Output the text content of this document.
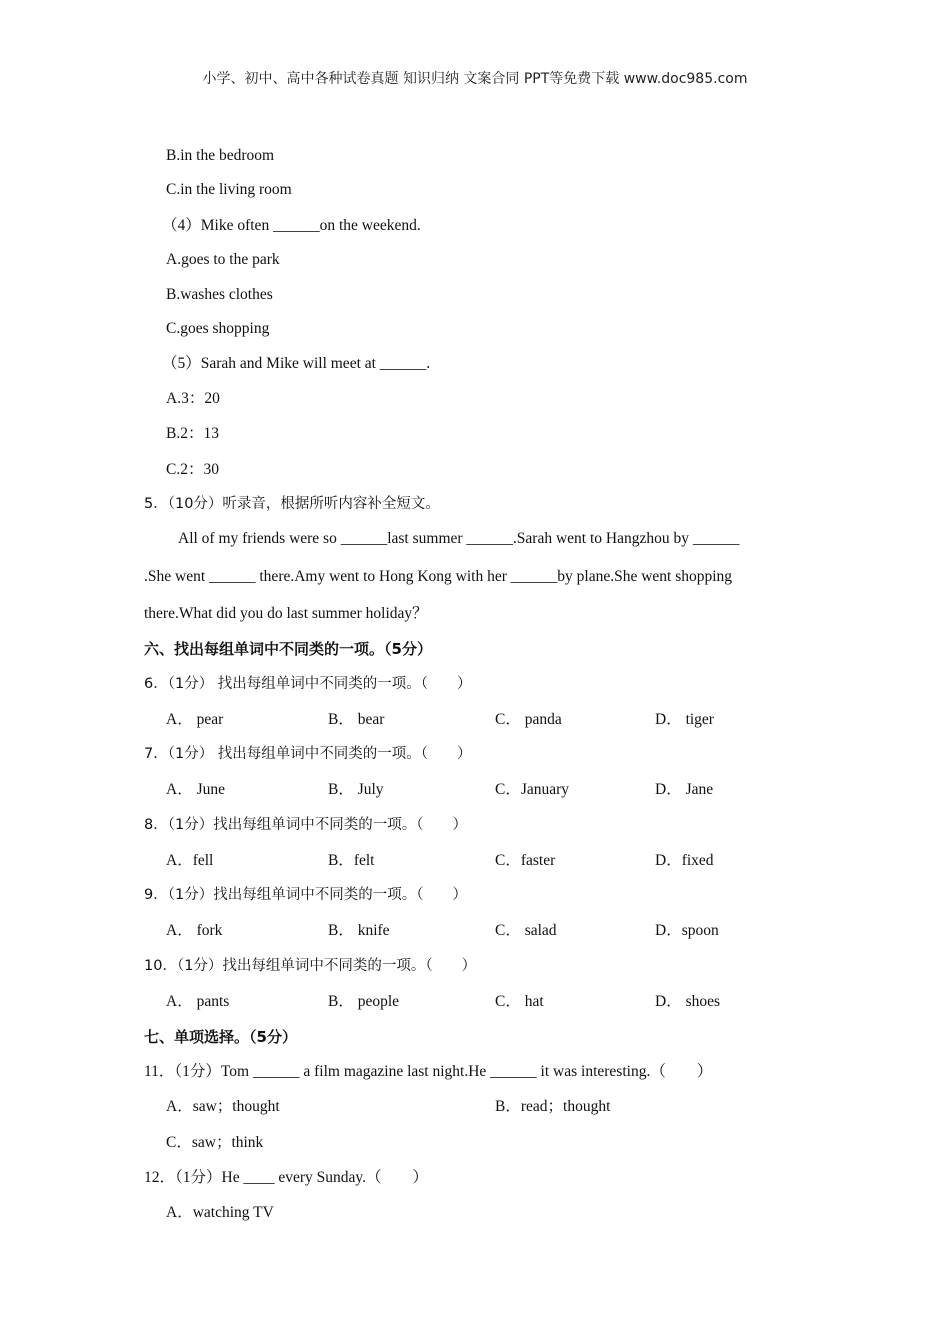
小学、初中、高中各种试卷真题 知识归纳 文案合同 PPT等免费下载 www.doc985.com
B.in the bedroom
C.in the living room
（4）Mike often ______on the weekend.
A.goes to the park
B.washes clothes
C.goes shopping
（5）Sarah and Mike will meet at ______.
A.3：20
B.2：13
C.2：30
5．（10分）听录音，根据所听内容补全短文。
All of my friends were so ______last summer ______.Sarah went to Hangzhou by ______
.She went ______ there.Amy went to Hong Kong with her ______by plane.She went shopping
there.What did you do last summer holiday？
六、找出每组单词中不同类的一项。（5分）
6．（1分） 找出每组单词中不同类的一项。（　　）
A． pear	B． bear	C． panda	D． tiger
7．（1分） 找出每组单词中不同类的一项。（　　）
A． June	B． July	C．January	D． Jane
8．（1分）找出每组单词中不同类的一项。（　　）
A．fell	B．felt	C．faster	D．fixed
9．（1分）找出每组单词中不同类的一项。（　　）
A． fork	B． knife	C． salad	D．spoon
10．（1分）找出每组单词中不同类的一项。（　　）
A． pants	B． people	C． hat	D． shoes
七、单项选择。（5分）
11．（1分）Tom ______ a film magazine last night.He ______ it was interesting.（　　）
A．saw；thought	B．read；thought
C．saw；think
12．（1分）He ____ every Sunday.（　　）
A．watching TV
